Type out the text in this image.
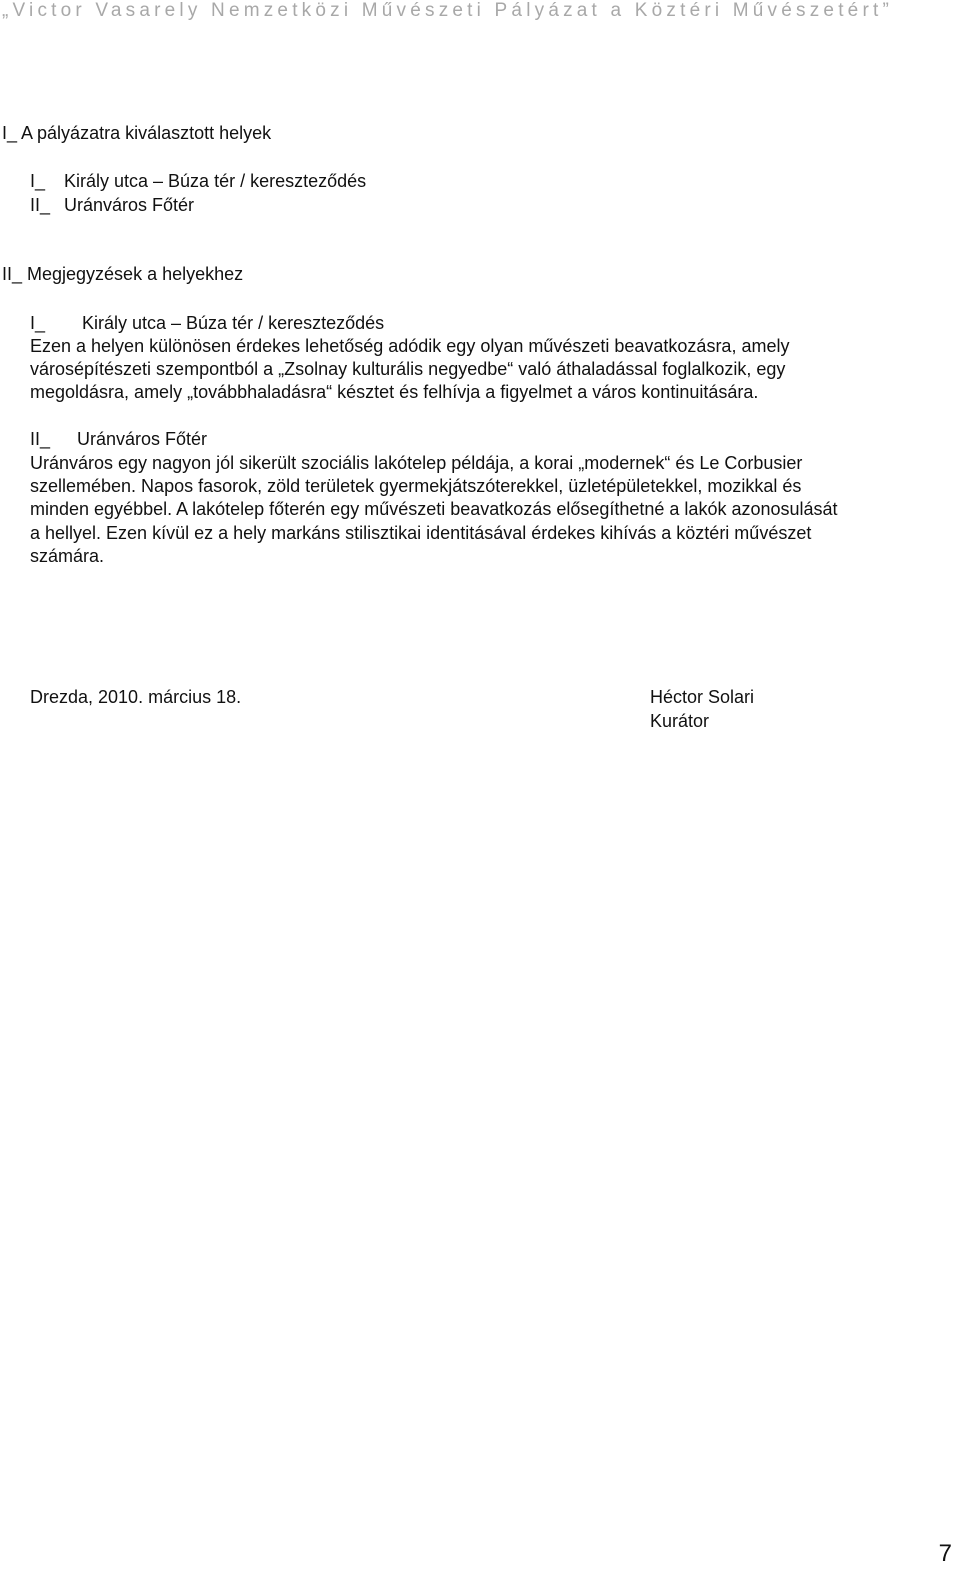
„Victor Vasarely Nemzetközi Művészeti Pályázat a Köztéri Művészetért”
I_ A pályázatra kiválasztott helyek
I_ Király utca – Búza tér / kereszteződés
II_ Uránváros Főtér
II_ Megjegyzések a helyekhez
I_ Király utca – Búza tér / kereszteződés
Ezen a helyen különösen érdekes lehetőség adódik egy olyan művészeti beavatkozásra, amely
városépítészeti szempontból a „Zsolnay kulturális negyedbe“ való áthaladással foglalkozik, egy
megoldásra, amely „továbbhaladásra“ késztet és felhívja a figyelmet a város kontinuitására.
II_ Uránváros Főtér
Uránváros egy nagyon jól sikerült szociális lakótelep példája, a korai „modernek“ és Le Corbusier
szellemében. Napos fasorok, zöld területek gyermekjátszóterekkel, üzletépületekkel, mozikkal és
minden egyébbel. A lakótelep főterén egy művészeti beavatkozás elősegíthetné a lakók azonosulását
a hellyel. Ezen kívül ez a hely markáns stilisztikai identitásával érdekes kihívás a köztéri művészet
számára.
Drezda, 2010. március 18.	Héctor Solari
Kurátor
7
